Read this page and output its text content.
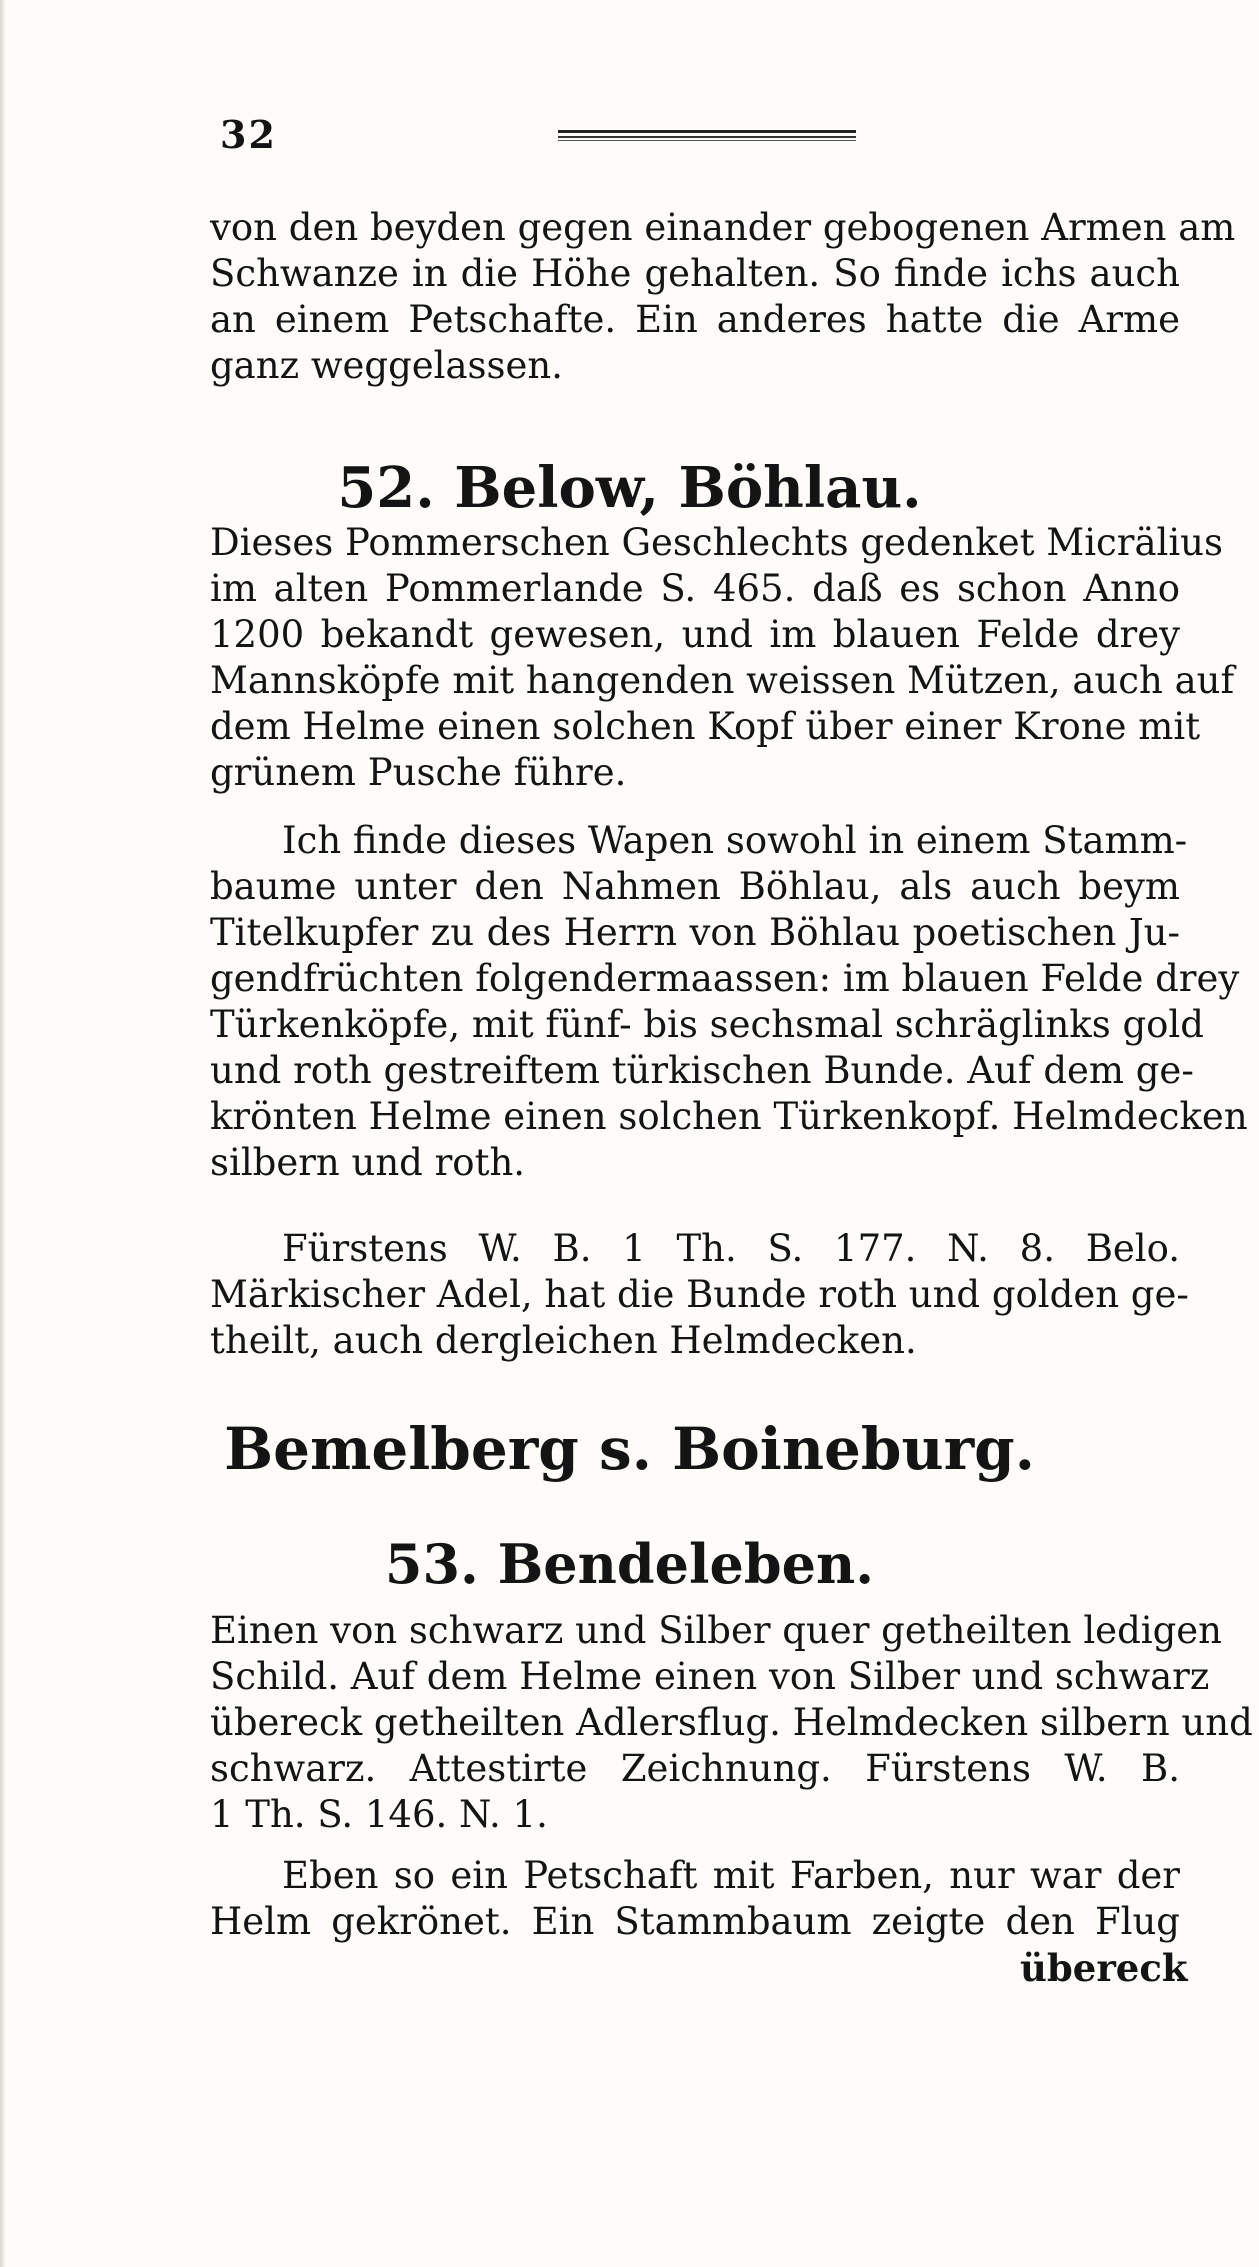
32
von den beyden gegen einander gebogenen Armen am
Schwanze in die Höhe gehalten. So finde ichs auch
an einem Petschafte. Ein anderes hatte die Arme
ganz weggelassen.
52. Below, Böhlau.
Dieses Pommerschen Geschlechts gedenket Micrälius
im alten Pommerlande S. 465. daß es schon Anno
1200 bekandt gewesen, und im blauen Felde drey
Mannsköpfe mit hangenden weissen Mützen, auch auf
dem Helme einen solchen Kopf über einer Krone mit
grünem Pusche führe.
Ich finde dieses Wapen sowohl in einem Stamm-
baume unter den Nahmen Böhlau, als auch beym
Titelkupfer zu des Herrn von Böhlau poetischen Ju-
gendfrüchten folgendermaassen: im blauen Felde drey
Türkenköpfe, mit fünf- bis sechsmal schräglinks gold
und roth gestreiftem türkischen Bunde. Auf dem ge-
krönten Helme einen solchen Türkenkopf. Helmdecken
silbern und roth.
Fürstens W. B. 1 Th. S. 177. N. 8. Belo.
Märkischer Adel, hat die Bunde roth und golden ge-
theilt, auch dergleichen Helmdecken.
Bemelberg s. Boineburg.
53. Bendeleben.
Einen von schwarz und Silber quer getheilten ledigen
Schild. Auf dem Helme einen von Silber und schwarz
übereck getheilten Adlersflug. Helmdecken silbern und
schwarz. Attestirte Zeichnung. Fürstens W. B.
1 Th. S. 146. N. 1.
Eben so ein Petschaft mit Farben, nur war der
Helm gekrönet. Ein Stammbaum zeigte den Flug
übereck
